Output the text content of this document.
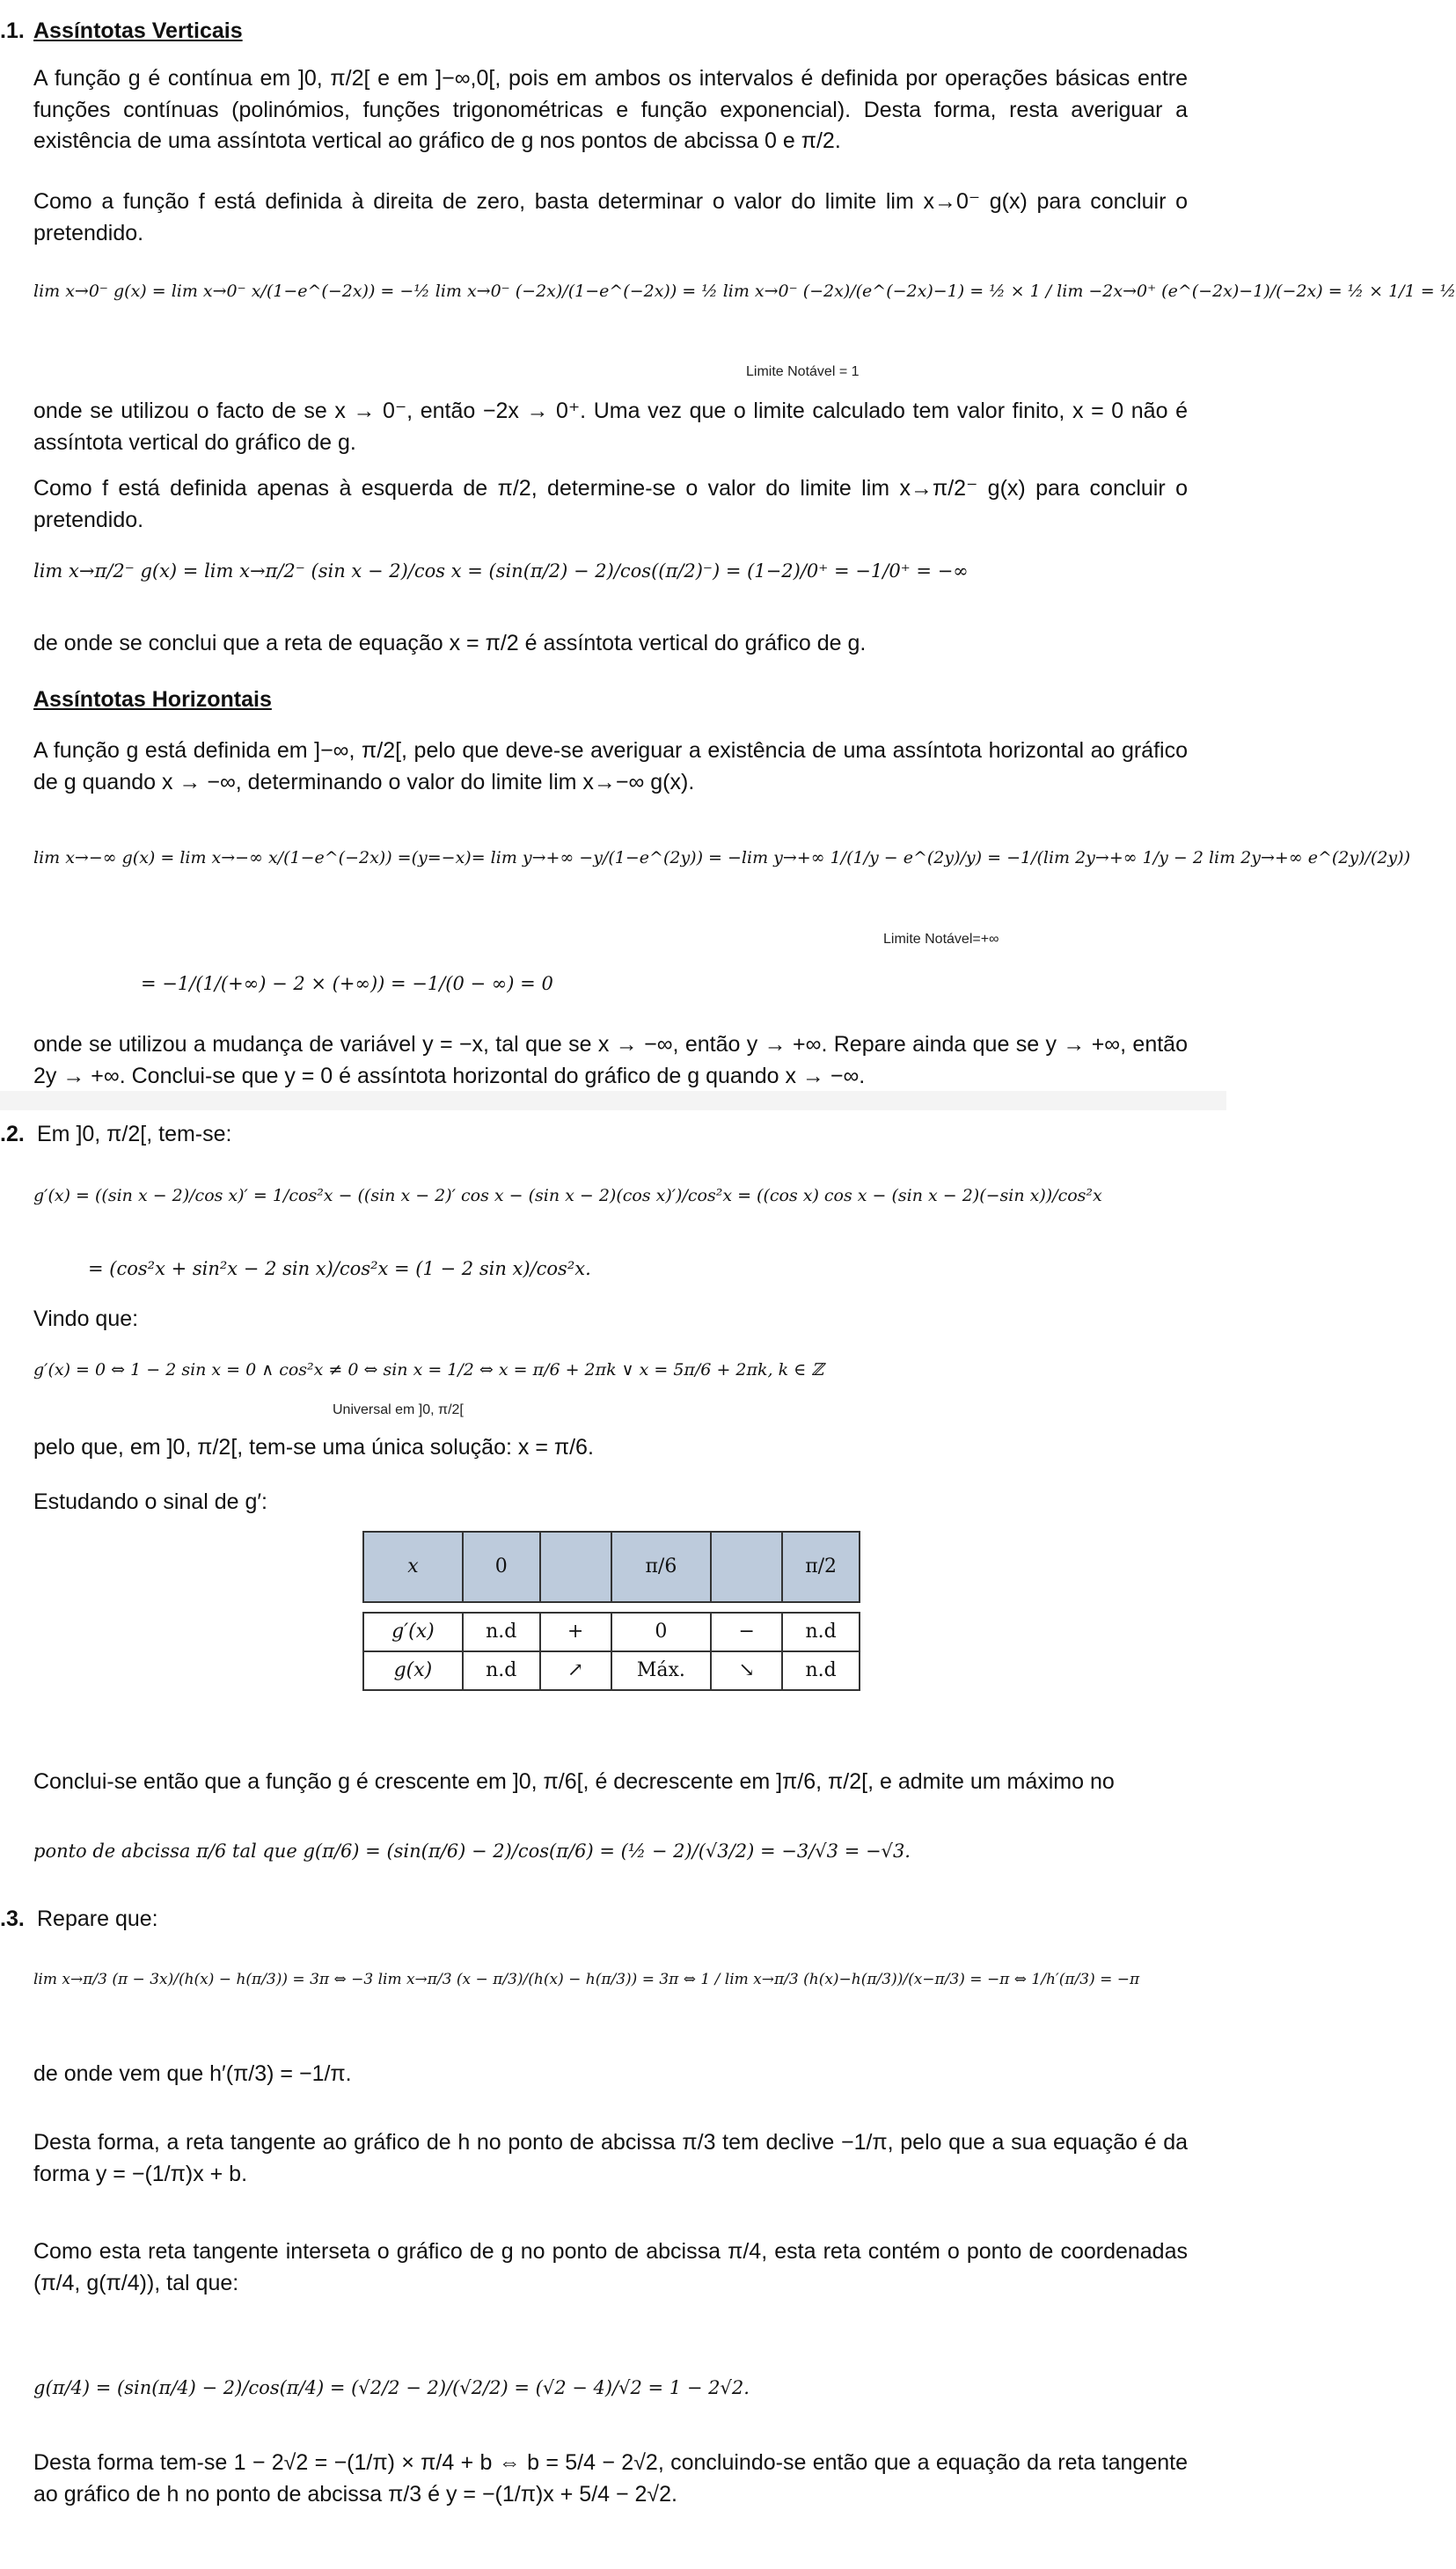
.1. Assíntotas Verticais
A função g é contínua em ]0, π/2[ e em ]−∞,0[, pois em ambos os intervalos é definida por operações básicas entre funções contínuas (polinómios, funções trigonométricas e função exponencial). Desta forma, resta averiguar a existência de uma assíntota vertical ao gráfico de g nos pontos de abcissa 0 e π/2.
Como a função f está definida à direita de zero, basta determinar o valor do limite lim x→0⁻ g(x) para concluir o pretendido.
lim x→0⁻ g(x) = lim x→0⁻ x/(1−e^(−2x)) = −½ lim x→0⁻ (−2x)/(1−e^(−2x)) = ½ lim x→0⁻ (−2x)/(e^(−2x)−1) = ½ × 1 / lim −2x→0⁺ (e^(−2x)−1)/(−2x) = ½ × 1/1 = ½
Limite Notável = 1
onde se utilizou o facto de se x → 0⁻, então −2x → 0⁺. Uma vez que o limite calculado tem valor finito, x = 0 não é assíntota vertical do gráfico de g.
Como f está definida apenas à esquerda de π/2, determine-se o valor do limite lim x→π/2⁻ g(x) para concluir o pretendido.
lim x→π/2⁻ g(x) = lim x→π/2⁻ (sin x − 2)/cos x = (sin(π/2) − 2)/cos((π/2)⁻) = (1−2)/0⁺ = −1/0⁺ = −∞
de onde se conclui que a reta de equação x = π/2 é assíntota vertical do gráfico de g.
Assíntotas Horizontais
A função g está definida em ]−∞, π/2[, pelo que deve-se averiguar a existência de uma assíntota horizontal ao gráfico de g quando x → −∞, determinando o valor do limite lim x→−∞ g(x).
lim x→−∞ g(x) = lim x→−∞ x/(1−e^(−2x)) =(y=−x)= lim y→+∞ −y/(1−e^(2y)) = −lim y→+∞ 1/(1/y − e^(2y)/y) = −1/(lim 2y→+∞ 1/y − 2 lim 2y→+∞ e^(2y)/(2y))
Limite Notável=+∞
= −1/(1/(+∞) − 2 × (+∞)) = −1/(0 − ∞) = 0
onde se utilizou a mudança de variável y = −x, tal que se x → −∞, então y → +∞. Repare ainda que se y → +∞, então 2y → +∞. Conclui-se que y = 0 é assíntota horizontal do gráfico de g quando x → −∞.
.2. Em ]0, π/2[, tem-se:
g′(x) = ((sin x − 2)/cos x)′ = 1/cos²x − ((sin x − 2)′ cos x − (sin x − 2)(cos x)′)/cos²x = ((cos x) cos x − (sin x − 2)(−sin x))/cos²x
= (cos²x + sin²x − 2 sin x)/cos²x = (1 − 2 sin x)/cos²x.
Vindo que:
g′(x) = 0 ⇔ 1 − 2 sin x = 0 ∧ cos²x ≠ 0 ⇔ sin x = 1/2 ⇔ x = π/6 + 2πk ∨ x = 5π/6 + 2πk, k ∈ ℤ
Universal em ]0, π/2[
pelo que, em ]0, π/2[, tem-se uma única solução: x = π/6.
Estudando o sinal de g′:
x	0		π/6		π/2

g′(x)	n.d	+	0	−	n.d
g(x)	n.d	↗	Máx.	↘	n.d
Conclui-se então que a função g é crescente em ]0, π/6[, é decrescente em ]π/6, π/2[, e admite um máximo no
ponto de abcissa π/6 tal que g(π/6) = (sin(π/6) − 2)/cos(π/6) = (½ − 2)/(√3/2) = −3/√3 = −√3.
.3. Repare que:
lim x→π/3 (π − 3x)/(h(x) − h(π/3)) = 3π ⇔ −3 lim x→π/3 (x − π/3)/(h(x) − h(π/3)) = 3π ⇔ 1 / lim x→π/3 (h(x)−h(π/3))/(x−π/3) = −π ⇔ 1/h′(π/3) = −π
de onde vem que h′(π/3) = −1/π.
Desta forma, a reta tangente ao gráfico de h no ponto de abcissa π/3 tem declive −1/π, pelo que a sua equação é da forma y = −(1/π)x + b.
Como esta reta tangente interseta o gráfico de g no ponto de abcissa π/4, esta reta contém o ponto de coordenadas (π/4, g(π/4)), tal que:
g(π/4) = (sin(π/4) − 2)/cos(π/4) = (√2/2 − 2)/(√2/2) = (√2 − 4)/√2 = 1 − 2√2.
Desta forma tem-se 1 − 2√2 = −(1/π) × π/4 + b ⇔ b = 5/4 − 2√2, concluindo-se então que a equação da reta tangente ao gráfico de h no ponto de abcissa π/3 é y = −(1/π)x + 5/4 − 2√2.
